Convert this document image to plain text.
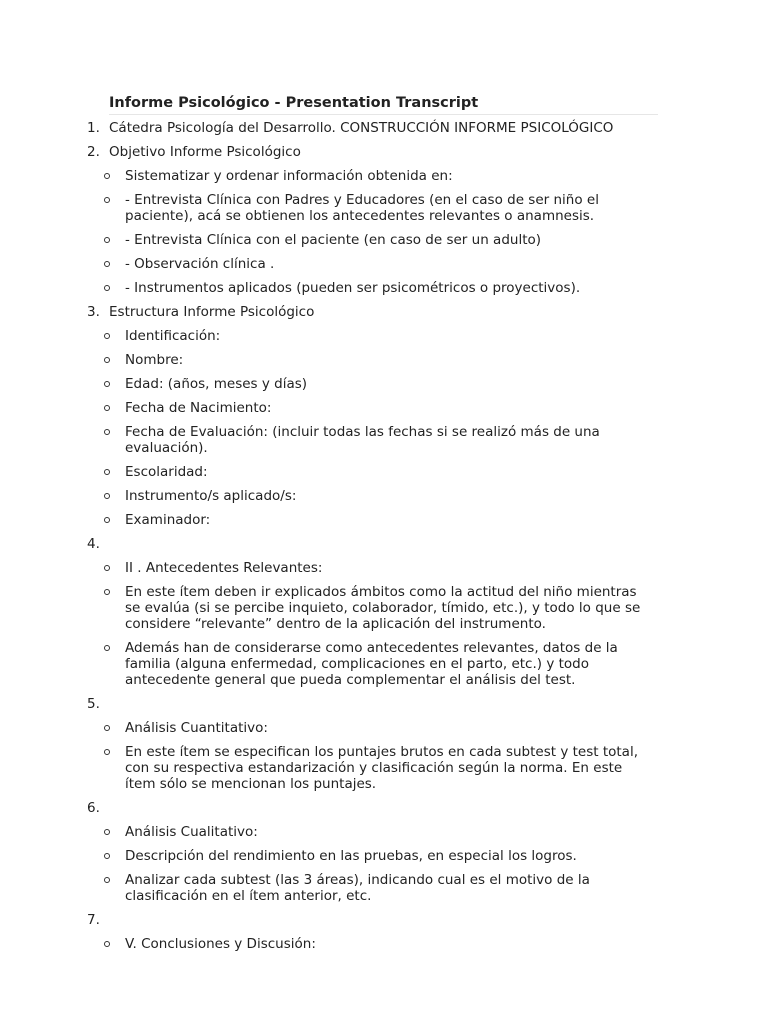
Informe Psicológico - Presentation Transcript
1. Cátedra Psicología del Desarrollo. CONSTRUCCIÓN INFORME PSICOLÓGICO
2. Objetivo Informe Psicológico
Sistematizar y ordenar información obtenida en:
- Entrevista Clínica con Padres y Educadores (en el caso de ser niño el paciente), acá se obtienen los antecedentes relevantes o anamnesis.
- Entrevista Clínica con el paciente (en caso de ser un adulto)
- Observación clínica .
- Instrumentos aplicados (pueden ser psicométricos o proyectivos).
3. Estructura Informe Psicológico
Identificación:
Nombre:
Edad: (años, meses y días)
Fecha de Nacimiento:
Fecha de Evaluación: (incluir todas las fechas si se realizó más de una evaluación).
Escolaridad:
Instrumento/s aplicado/s:
Examinador:
4.
II . Antecedentes Relevantes:
En este ítem deben ir explicados ámbitos como la actitud del niño mientras se evalúa (si se percibe inquieto, colaborador, tímido, etc.), y todo lo que se considere “relevante” dentro de la aplicación del instrumento.
Además han de considerarse como antecedentes relevantes, datos de la familia (alguna enfermedad, complicaciones en el parto, etc.) y todo antecedente general que pueda complementar el análisis del test.
5.
Análisis Cuantitativo:
En este ítem se especifican los puntajes brutos en cada subtest y test total, con su respectiva estandarización y clasificación según la norma. En este ítem sólo se mencionan los puntajes.
6.
Análisis Cualitativo:
Descripción del rendimiento en las pruebas, en especial los logros.
Analizar cada subtest (las 3 áreas), indicando cual es el motivo de la clasificación en el ítem anterior, etc.
7.
V. Conclusiones y Discusión:
